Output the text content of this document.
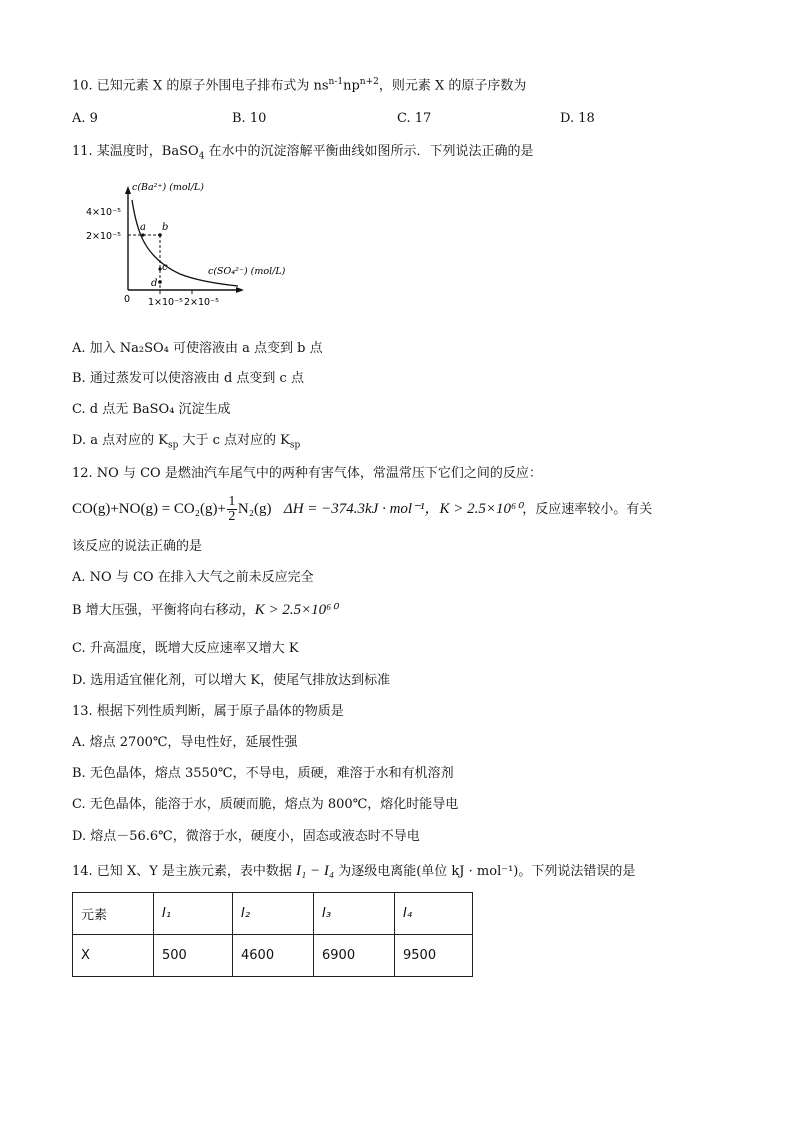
10. 已知元素 X 的原子外围电子排布式为 $ns^{n-1}np^{n+2}$，则元素 X 的原子序数为
A. 9	B. 10	C. 17	D. 18
11. 某温度时，BaSO$_4$ 在水中的沉淀溶解平衡曲线如图所示．下列说法正确的是
c(Ba²⁺) (mol/L)
c(SO₄²⁻) (mol/L)
4×10⁻⁵
2×10⁻⁵
1×10⁻⁵ 2×10⁻⁵
0
a b
c
d
A. 加入 Na₂SO₄ 可使溶液由 a 点变到 b 点
B. 通过蒸发可以使溶液由 d 点变到 c 点
C. d 点无 BaSO₄ 沉淀生成
D. a 点对应的 $K_{sp}$ 大于 c 点对应的 $K_{sp}$
12. NO 与 CO 是燃油汽车尾气中的两种有害气体，常温常压下它们之间的反应：
$CO(g)+NO(g) = CO_2(g)+ \frac{1}{2} N_2(g) \Delta H = -374.3kJ \cdot mol^{-1}$，K > 2.5×10⁶⁰，反应速率较小。有关
该反应的说法正确的是
A. NO 与 CO 在排入大气之前未反应完全
B 增大压强，平衡将向右移动，K > 2.5×10⁶⁰
C. 升高温度，既增大反应速率又增大 K
D. 选用适宜催化剂，可以增大 K，使尾气排放达到标准
13. 根据下列性质判断，属于原子晶体的物质是
A. 熔点 2700℃，导电性好，延展性强
B. 无色晶体，熔点 3550℃，不导电，质硬，难溶于水和有机溶剂
C. 无色晶体，能溶于水，质硬而脆，熔点为 800℃，熔化时能导电
D. 熔点－56.6℃，微溶于水，硬度小，固态或液态时不导电
14. 已知 X、Y 是主族元素，表中数据 I₁ − I₄ 为逐级电离能(单位 kJ · mol⁻¹)。下列说法错误的是
元素	I₁	I₂	I₃	I₄
X	500	4600	6900	9500
